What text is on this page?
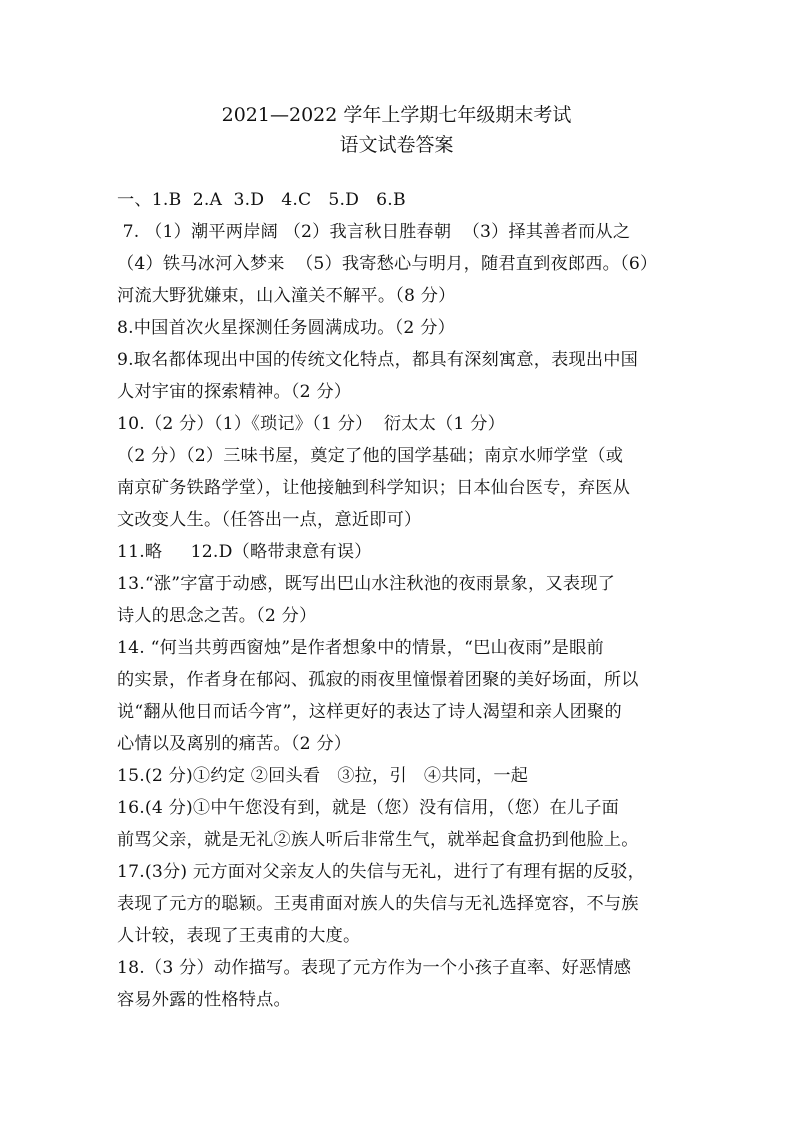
2021—2022 学年上学期七年级期末考试
语文试卷答案
一、1.B  2.A  3.D   4.C   5.D   6.B
7. （1）潮平两岸阔 （2）我言秋日胜春朝  （3）择其善者而从之
（4）铁马冰河入梦来  （5）我寄愁心与明月，随君直到夜郎西。（6）
河流大野犹嫌束，山入潼关不解平。（8 分）
8.中国首次火星探测任务圆满成功。（2 分）
9.取名都体现出中国的传统文化特点，都具有深刻寓意，表现出中国
人对宇宙的探索精神。（2 分）
10.（2 分）（1）《琐记》（1 分）  衍太太（1 分）
（2 分）（2）三味书屋，奠定了他的国学基础；南京水师学堂（或
南京矿务铁路学堂），让他接触到科学知识；日本仙台医专，弃医从
文改变人生。（任答出一点，意近即可）
11.略     12.D（略带隶意有误）
13.“涨”字富于动感，既写出巴山水注秋池的夜雨景象，又表现了
诗人的思念之苦。（2 分）
14. “何当共剪西窗烛”是作者想象中的情景，“巴山夜雨”是眼前
的实景，作者身在郁闷、孤寂的雨夜里憧憬着团聚的美好场面，所以
说“翻从他日而话今宵”，这样更好的表达了诗人渴望和亲人团聚的
心情以及离别的痛苦。（2 分）
15.(2 分)①约定 ②回头看   ③拉，引   ④共同，一起
16.(4 分)①中午您没有到，就是（您）没有信用，（您）在儿子面
前骂父亲，就是无礼②族人听后非常生气，就举起食盒扔到他脸上。
17.(3分) 元方面对父亲友人的失信与无礼，进行了有理有据的反驳，
表现了元方的聪颖。王夷甫面对族人的失信与无礼选择宽容，不与族
人计较，表现了王夷甫的大度。
18.（3 分）动作描写。表现了元方作为一个小孩子直率、好恶情感
容易外露的性格特点。
